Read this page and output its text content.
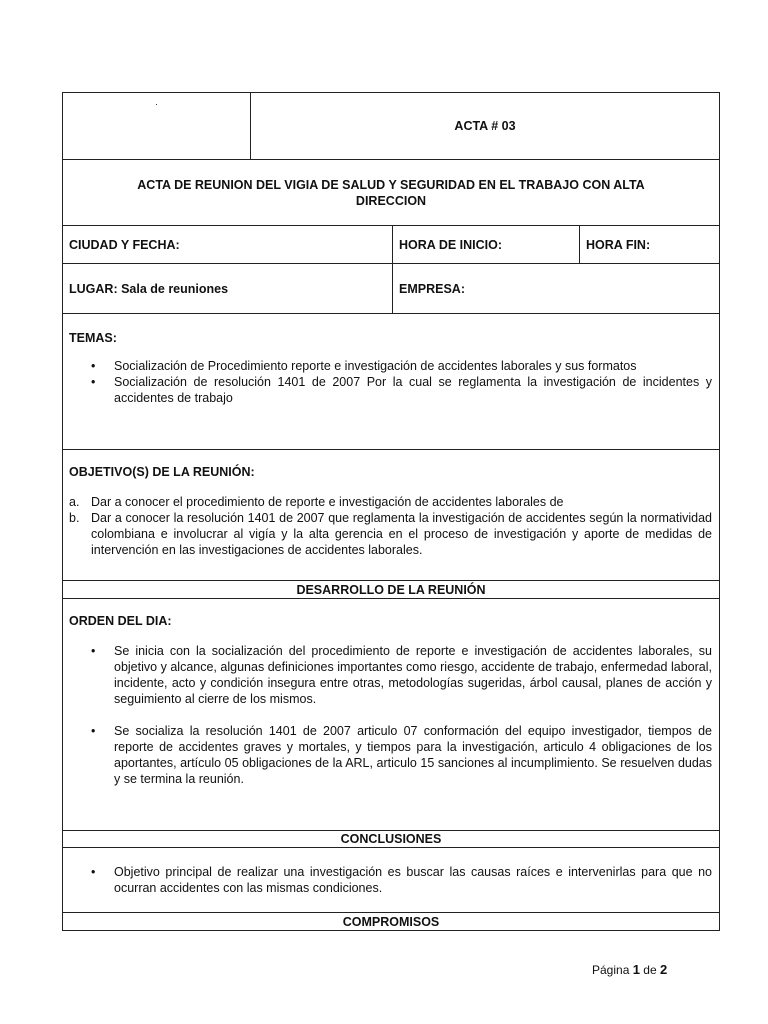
.
ACTA # 03
ACTA DE REUNION DEL VIGIA DE SALUD Y SEGURIDAD EN EL TRABAJO CON ALTA DIRECCION
CIUDAD Y FECHA:	HORA DE INICIO:	HORA FIN:
LUGAR: Sala de reuniones	EMPRESA:
TEMAS:
• Socialización de Procedimiento reporte e investigación de accidentes laborales y sus formatos
• Socialización de resolución 1401 de 2007 Por la cual se reglamenta la investigación de incidentes y accidentes de trabajo
OBJETIVO(S) DE LA REUNIÓN:
a. Dar a conocer el procedimiento de reporte e investigación de accidentes laborales de
b. Dar a conocer la resolución 1401 de 2007 que reglamenta la investigación de accidentes según la normatividad colombiana e involucrar al vigía y la alta gerencia en el proceso de investigación y aporte de medidas de intervención en las investigaciones de accidentes laborales.
DESARROLLO DE LA REUNIÓN
ORDEN DEL DIA:
• Se inicia con la socialización del procedimiento de reporte e investigación de accidentes laborales, su objetivo y alcance, algunas definiciones importantes como riesgo, accidente de trabajo, enfermedad laboral, incidente, acto y condición insegura entre otras, metodologías sugeridas, árbol causal, planes de acción y seguimiento al cierre de los mismos.
• Se socializa la resolución 1401 de 2007 articulo 07 conformación del equipo investigador, tiempos de reporte de accidentes graves y mortales, y tiempos para la investigación, articulo 4 obligaciones de los aportantes, artículo 05 obligaciones de la ARL, articulo 15 sanciones al incumplimiento. Se resuelven dudas y se termina la reunión.
CONCLUSIONES
• Objetivo principal de realizar una investigación es buscar las causas raíces e intervenirlas para que no ocurran accidentes con las mismas condiciones.
COMPROMISOS
Página 1 de 2
